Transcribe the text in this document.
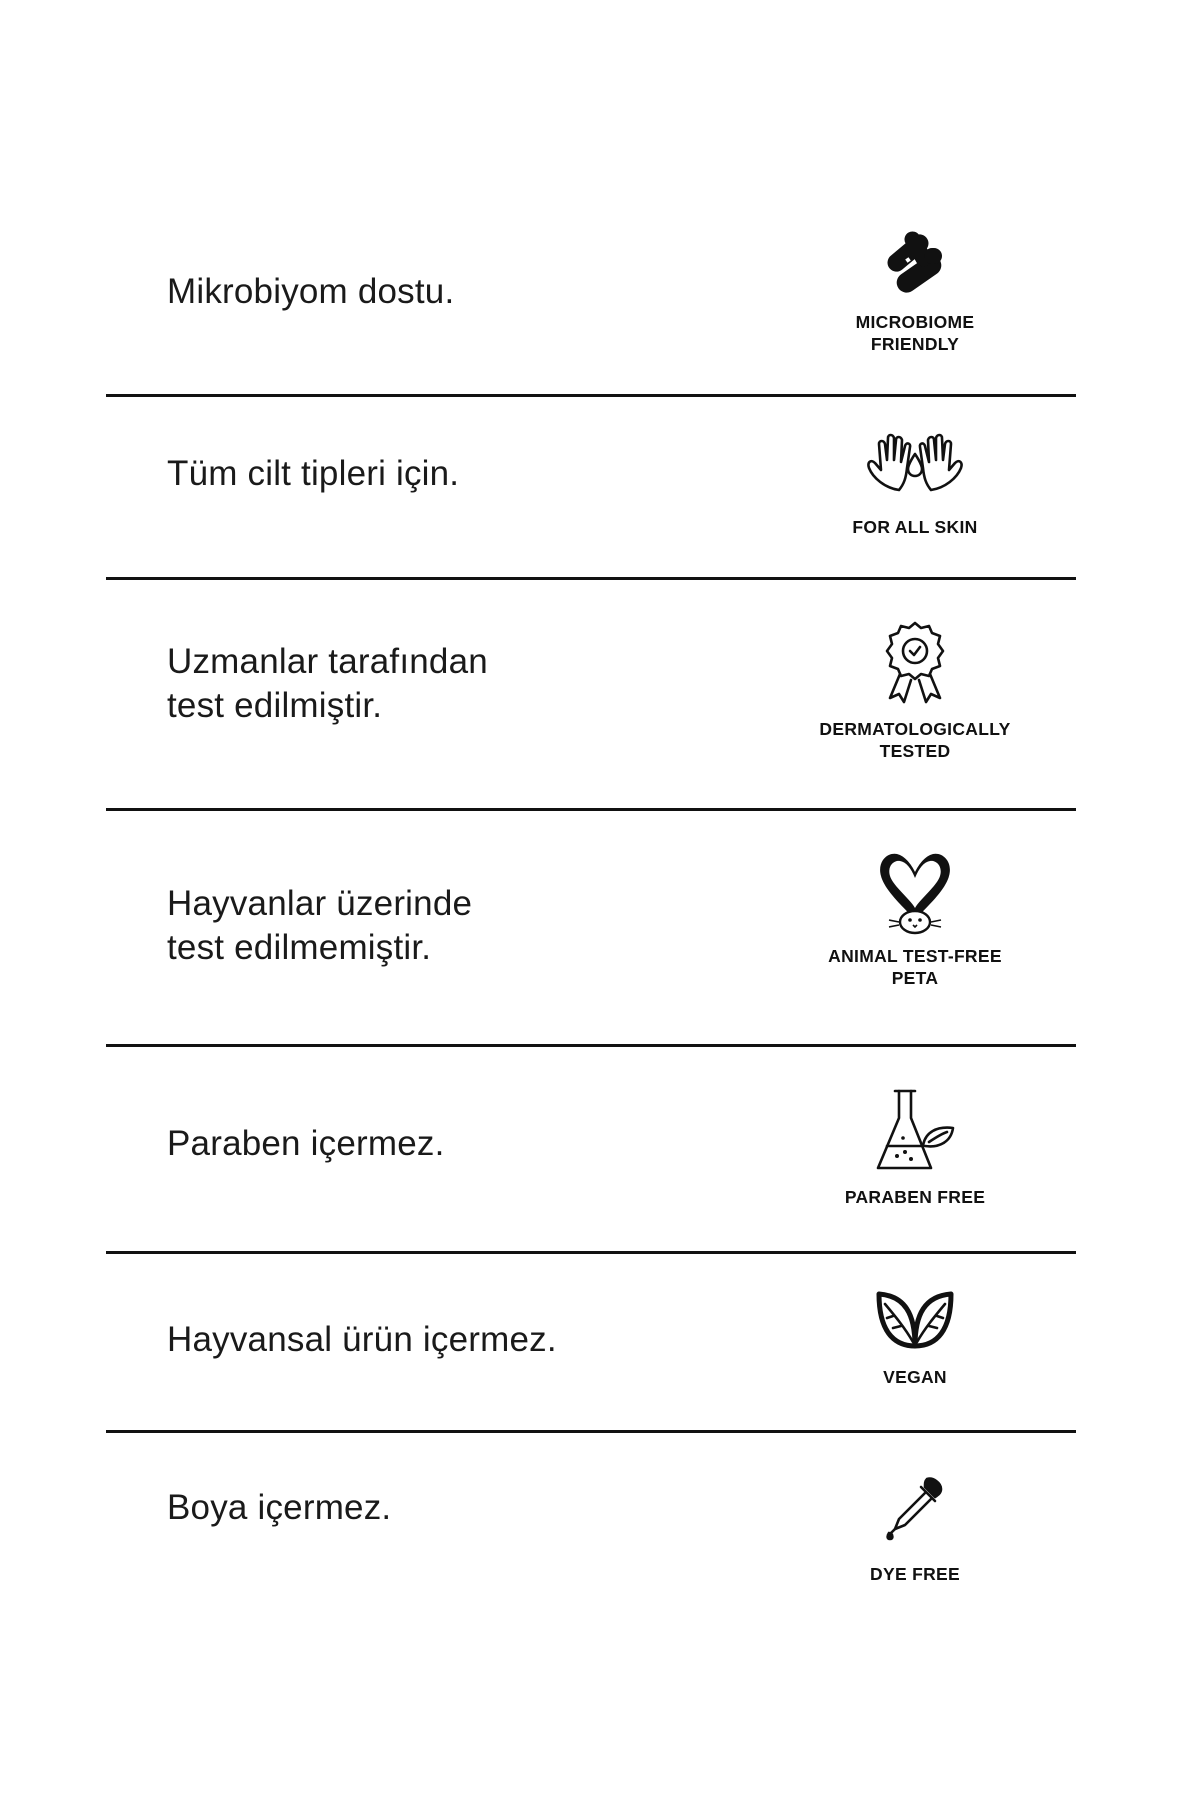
Mikrobiyom dostu.
MICROBIOME
FRIENDLY
Tüm cilt tipleri için.
FOR ALL SKIN
Uzmanlar tarafından
test edilmiştir.
DERMATOLOGICALLY
TESTED
Hayvanlar üzerinde
test edilmemiştir.	ANIMAL TEST-FREE
PETA
Paraben içermez.
PARABEN FREE
Hayvansal ürün içermez.
VEGAN
Boya içermez.
DYE FREE
